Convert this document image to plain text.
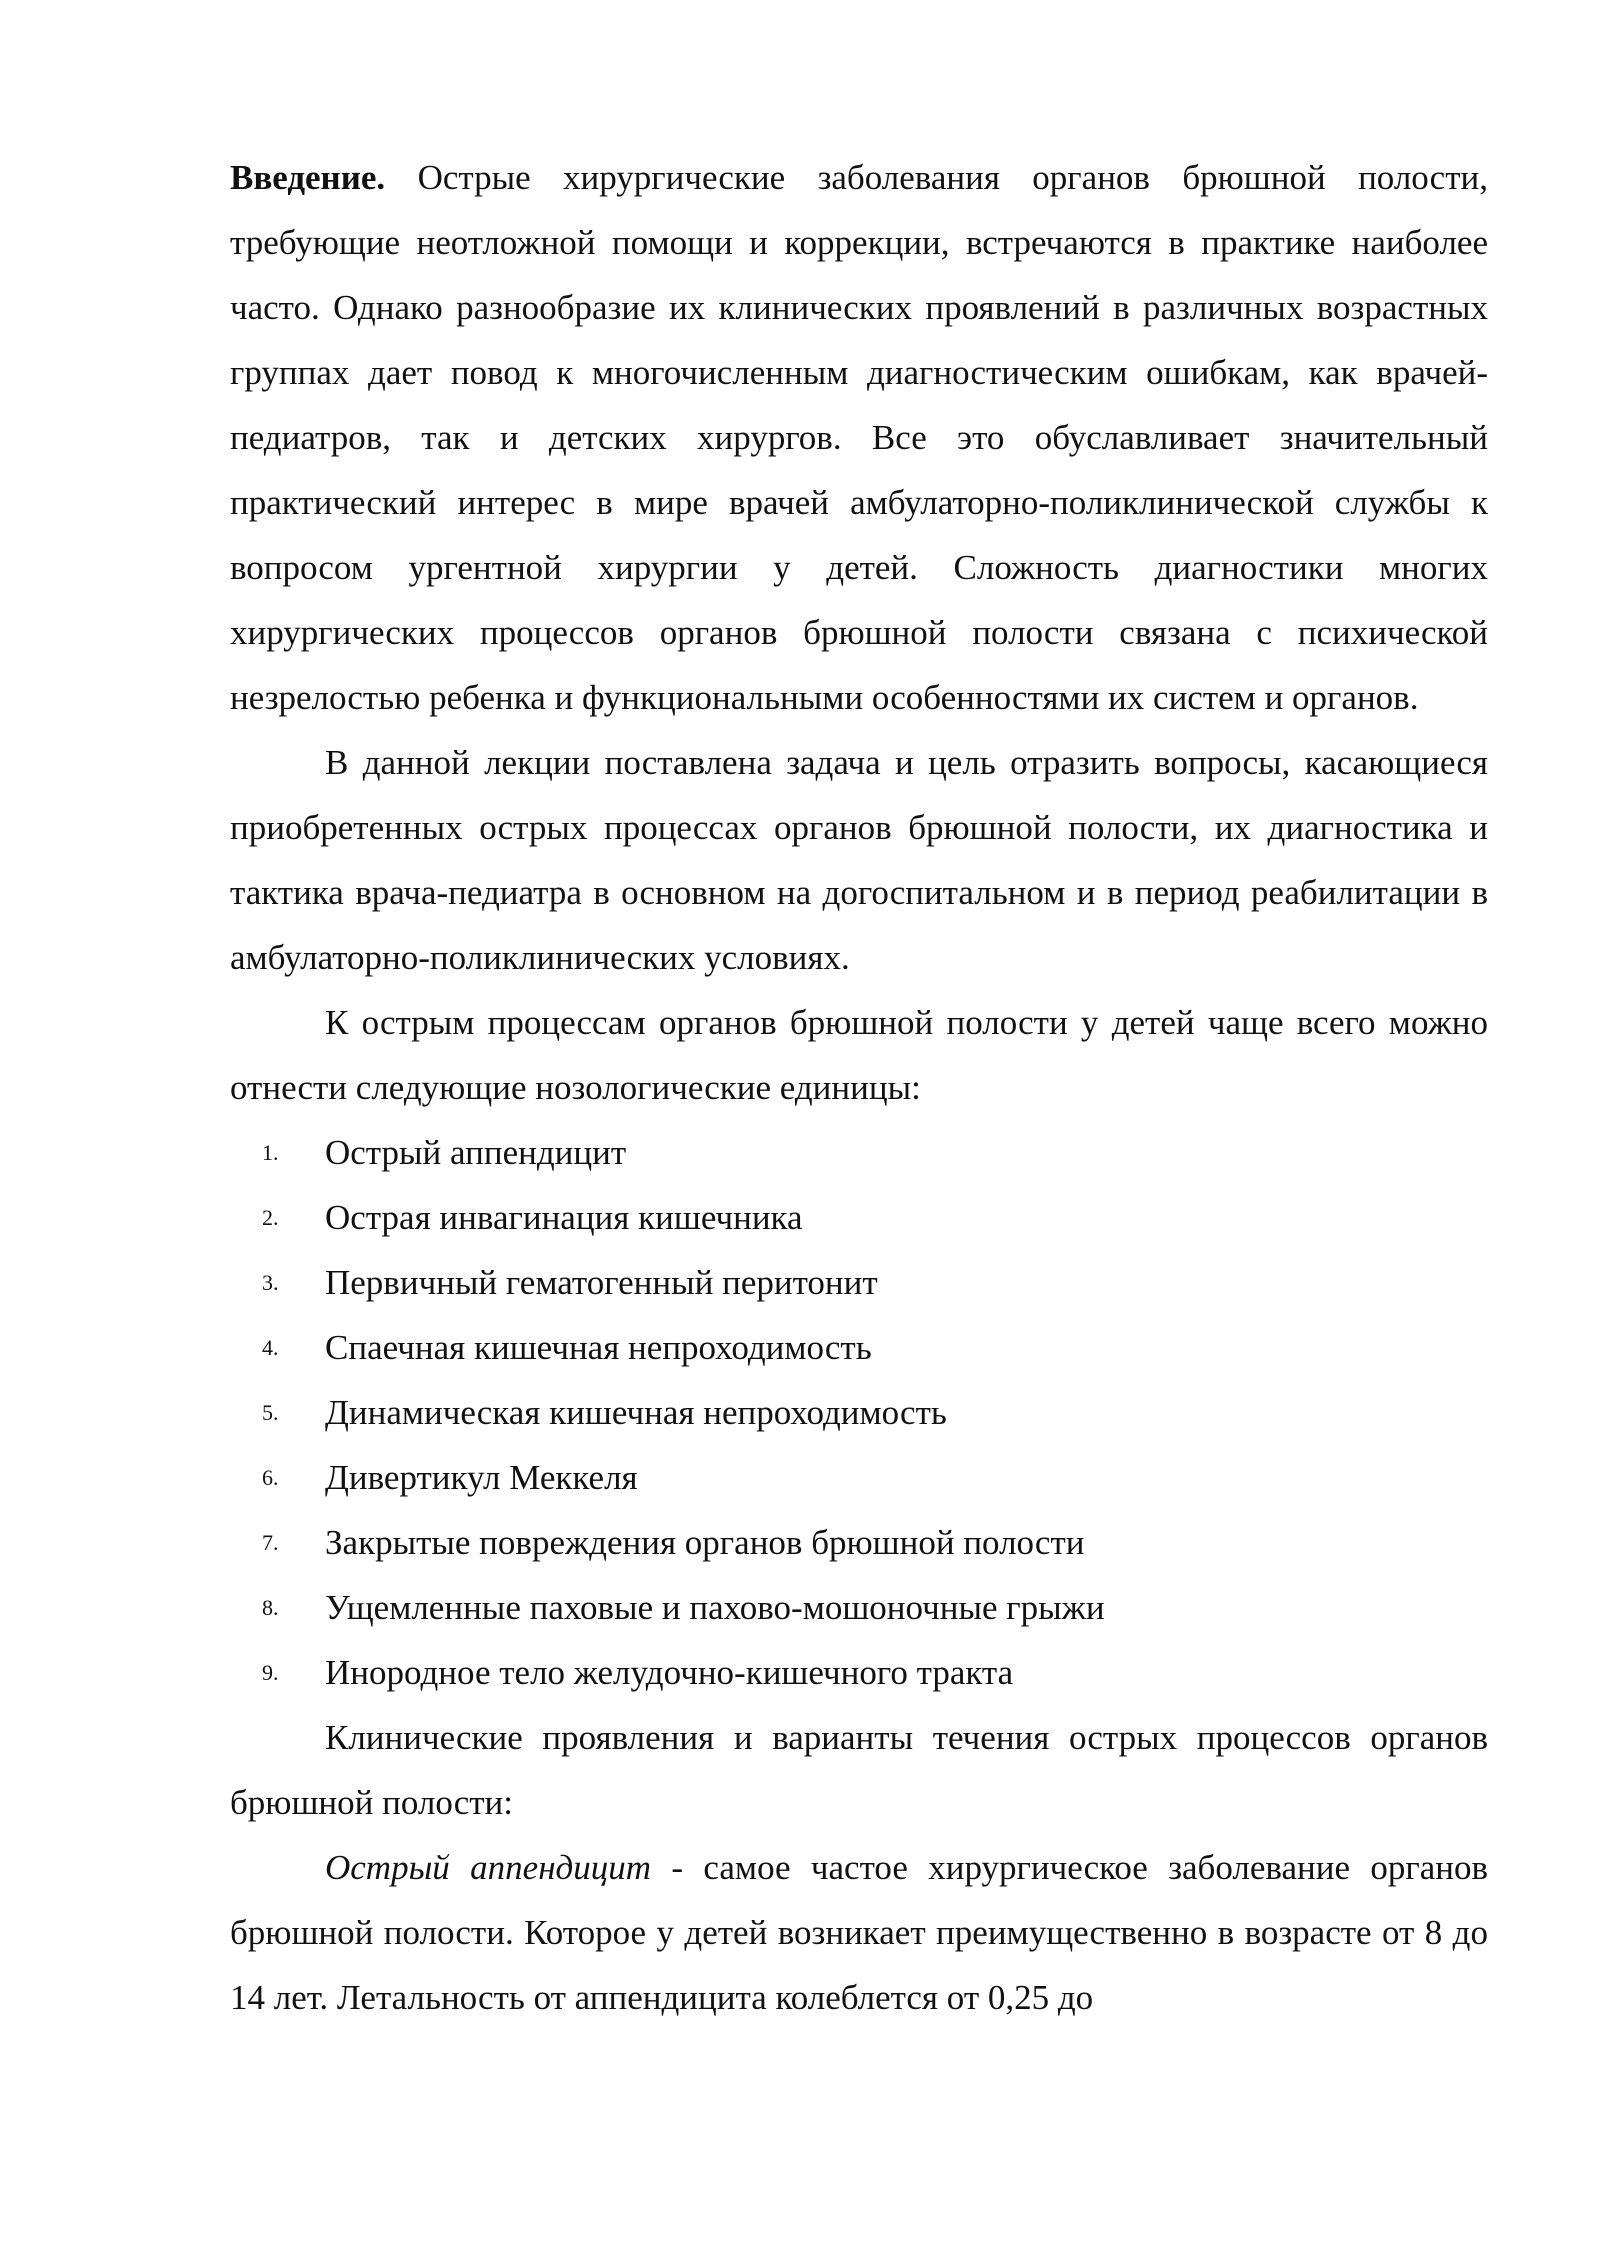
Введение. Острые хирургические заболевания органов брюшной полости, требующие неотложной помощи и коррекции, встречаются в практике наиболее часто. Однако разнообразие их клинических проявлений в различных возрастных группах дает повод к многочисленным диагностическим ошибкам, как врачей-педиатров, так и детских хирургов. Все это обуславливает значительный практический интерес в мире врачей амбулаторно-поликлинической службы к вопросом ургентной хирургии у детей. Сложность диагностики многих хирургических процессов органов брюшной полости связана с психической незрелостью ребенка и функциональными особенностями их систем и органов.

В данной лекции поставлена задача и цель отразить вопросы, касающиеся приобретенных острых процессах органов брюшной полости, их диагностика и тактика врача-педиатра в основном на догоспитальном и в период реабилитации в амбулаторно-поликлинических условиях.

К острым процессам органов брюшной полости у детей чаще всего можно отнести следующие нозологические единицы:

1. Острый аппендицит
2. Острая инвагинация кишечника
3. Первичный гематогенный перитонит
4. Спаечная кишечная непроходимость
5. Динамическая кишечная непроходимость
6. Дивертикул Меккеля
7. Закрытые повреждения органов брюшной полости
8. Ущемленные паховые и пахово-мошоночные грыжи
9. Инородное тело желудочно-кишечного тракта

Клинические проявления и варианты течения острых процессов органов брюшной полости:

Острый аппендицит - самое частое хирургическое заболевание органов брюшной полости. Которое у детей возникает преимущественно в возрасте от 8 до 14 лет. Летальность от аппендицита колеблется от 0,25 до
